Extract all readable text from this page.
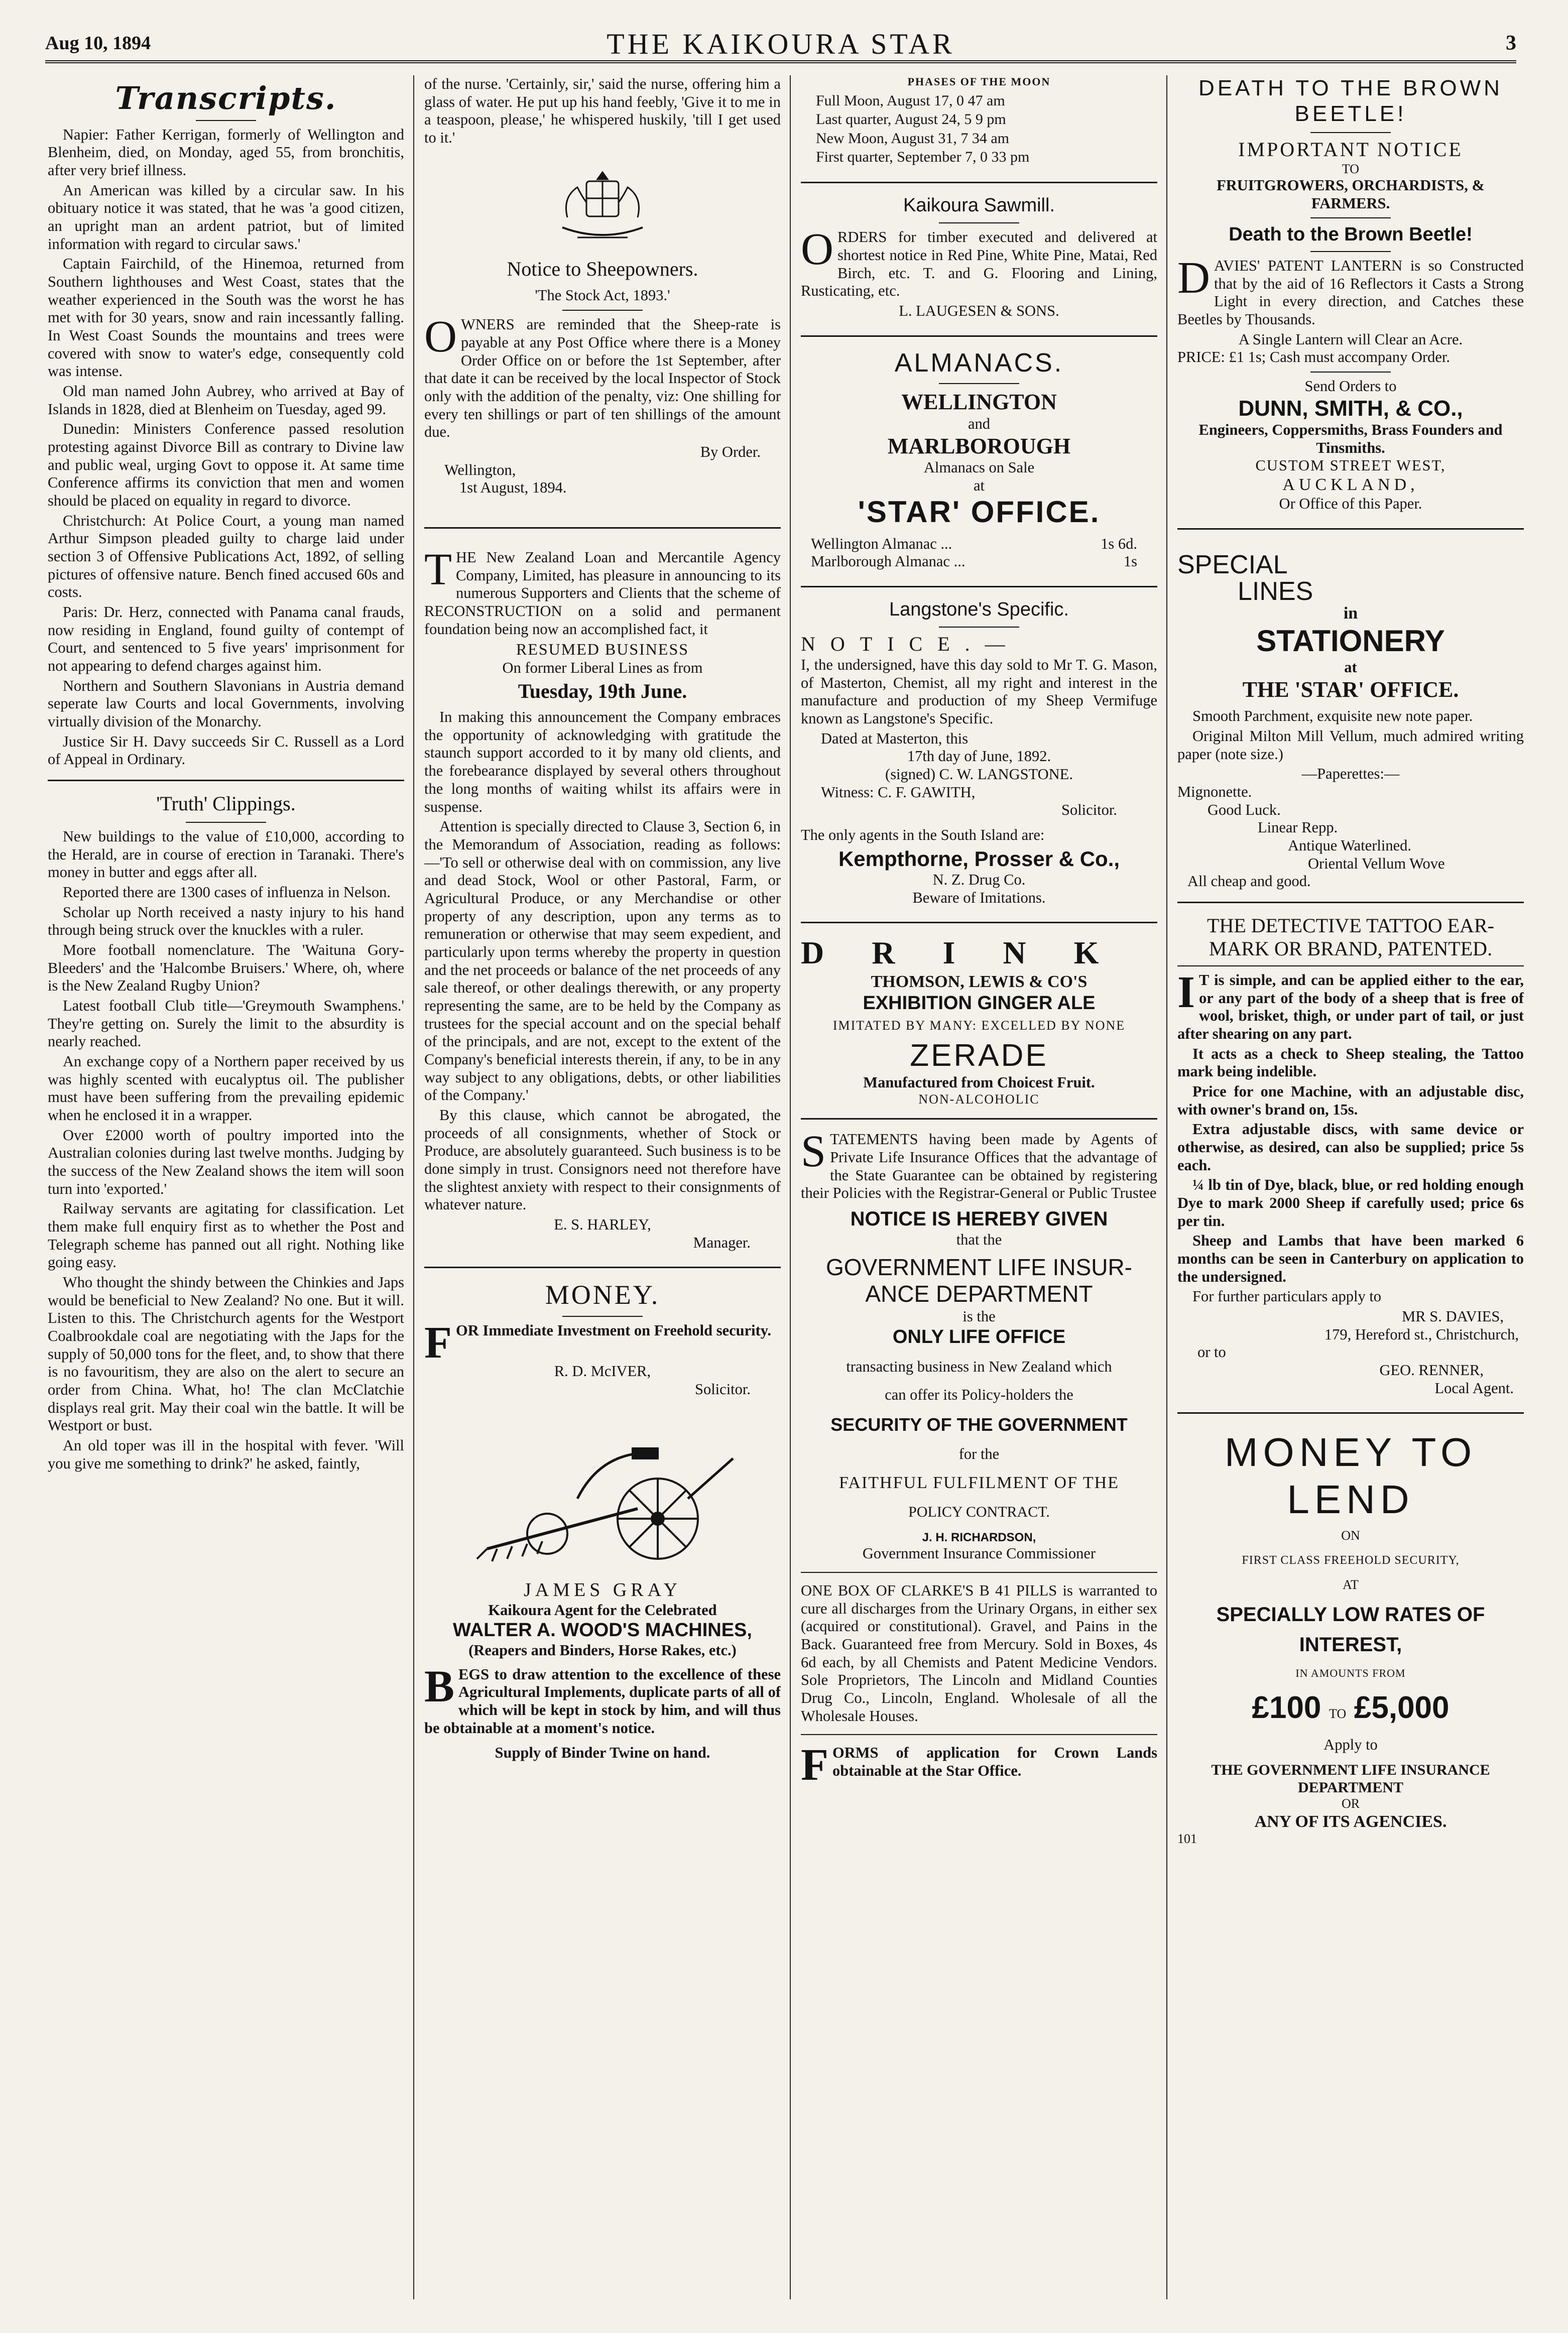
Aug 10, 1894	THE KAIKOURA STAR	3
Transcripts.

Napier: Father Kerrigan, formerly of Wellington and Blenheim, died, on Monday, aged 55, from bronchitis, after very brief illness.

An American was killed by a circular saw. In his obituary notice it was stated, that he was 'a good citizen, an upright man an ardent patriot, but of limited information with regard to circular saws.'

Captain Fairchild, of the Hinemoa, returned from Southern lighthouses and West Coast, states that the weather experienced in the South was the worst he has met with for 30 years, snow and rain incessantly falling. In West Coast Sounds the mountains and trees were covered with snow to water's edge, consequently cold was intense.

Old man named John Aubrey, who arrived at Bay of Islands in 1828, died at Blenheim on Tuesday, aged 99.

Dunedin: Ministers Conference passed resolution protesting against Divorce Bill as contrary to Divine law and public weal, urging Govt to oppose it. At same time Conference affirms its conviction that men and women should be placed on equality in regard to divorce.

Christchurch: At Police Court, a young man named Arthur Simpson pleaded guilty to charge laid under section 3 of Offensive Publications Act, 1892, of selling pictures of offensive nature. Bench fined accused 60s and costs.

Paris: Dr. Herz, connected with Panama canal frauds, now residing in England, found guilty of contempt of Court, and sentenced to 5 five years' imprisonment for not appearing to defend charges against him.

Northern and Southern Slavonians in Austria demand seperate law Courts and local Governments, involving virtually division of the Monarchy.

Justice Sir H. Davy succeeds Sir C. Russell as a Lord of Appeal in Ordinary.

'Truth' Clippings.

New buildings to the value of £10,000, according to the Herald, are in course of erection in Taranaki. There's money in butter and eggs after all.

Reported there are 1300 cases of influenza in Nelson.

Scholar up North received a nasty injury to his hand through being struck over the knuckles with a ruler.

More football nomenclature. The 'Waituna Gory-Bleeders' and the 'Halcombe Bruisers.' Where, oh, where is the New Zealand Rugby Union?

Latest football Club title—'Greymouth Swamphens.' They're getting on. Surely the limit to the absurdity is nearly reached.

An exchange copy of a Northern paper received by us was highly scented with eucalyptus oil. The publisher must have been suffering from the prevailing epidemic when he enclosed it in a wrapper.

Over £2000 worth of poultry imported into the Australian colonies during last twelve months. Judging by the success of the New Zealand shows the item will soon turn into 'exported.'

Railway servants are agitating for classification. Let them make full enquiry first as to whether the Post and Telegraph scheme has panned out all right. Nothing like going easy.

Who thought the shindy between the Chinkies and Japs would be beneficial to New Zealand? No one. But it will. Listen to this. The Christchurch agents for the Westport Coalbrookdale coal are negotiating with the Japs for the supply of 50,000 tons for the fleet, and, to show that there is no favouritism, they are also on the alert to secure an order from China. What, ho! The clan McClatchie displays real grit. May their coal win the battle. It will be Westport or bust.

An old toper was ill in the hospital with fever. 'Will you give me something to drink?' he asked, faintly,

of the nurse. 'Certainly, sir,' said the nurse, offering him a glass of water. He put up his hand feebly, 'Give it to me in a teaspoon, please,' he whispered huskily, 'till I get used to it.'

Notice to Sheepowners.
'The Stock Act, 1893.'

OWNERS are reminded that the Sheep-rate is payable at any Post Office where there is a Money Order Office on or before the 1st September, after that date it can be received by the local Inspector of Stock only with the addition of the penalty, viz: One shilling for every ten shillings or part of ten shillings of the amount due.

By Order.
Wellington,
1st August, 1894.

THE New Zealand Loan and Mercantile Agency Company, Limited, has pleasure in announcing to its numerous Supporters and Clients that the scheme of RECONSTRUCTION on a solid and permanent foundation being now an accomplished fact, it

RESUMED BUSINESS
On former Liberal Lines as from
Tuesday, 19th June.

In making this announcement the Company embraces the opportunity of acknowledging with gratitude the staunch support accorded to it by many old clients, and the forebearance displayed by several others throughout the long months of waiting whilst its affairs were in suspense.

Attention is specially directed to Clause 3, Section 6, in the Memorandum of Association, reading as follows:—'To sell or otherwise deal with on commission, any live and dead Stock, Wool or other Pastoral, Farm, or Agricultural Produce, or any Merchandise or other property of any description, upon any terms as to remuneration or otherwise that may seem expedient, and particularly upon terms whereby the property in question and the net proceeds or balance of the net proceeds of any sale thereof, or other dealings therewith, or any property representing the same, are to be held by the Company as trustees for the special account and on the special behalf of the principals, and are not, except to the extent of the Company's beneficial interests therein, if any, to be in any way subject to any obligations, debts, or other liabilities of the Company.'

By this clause, which cannot be abrogated, the proceeds of all consignments, whether of Stock or Produce, are absolutely guaranteed. Such business is to be done simply in trust. Consignors need not therefore have the slightest anxiety with respect to their consignments of whatever nature.

E. S. HARLEY,
Manager.
MONEY.

FOR Immediate Investment on Freehold security.

R. D. McIVER,
Solicitor.
JAMES GRAY
Kaikoura Agent for the Celebrated
WALTER A. WOOD'S MACHINES,
(Reapers and Binders, Horse Rakes, etc.)

BEGS to draw attention to the excellence of these Agricultural Implements, duplicate parts of all of which will be kept in stock by him, and will thus be obtainable at a moment's notice.

Supply of Binder Twine on hand.
PHASES OF THE MOON
Full Moon, August 17, 0 47 am
Last quarter, August 24, 5 9 pm
New Moon, August 31, 7 34 am
First quarter, September 7, 0 33 pm
Kaikoura Sawmill.

ORDERS for timber executed and delivered at shortest notice in Red Pine, White Pine, Matai, Red Birch, etc. T. and G. Flooring and Lining, Rusticating, etc.

L. LAUGESEN & SONS.
ALMANACS.
WELLINGTON
and
MARLBOROUGH
Almanacs on Sale
at
'STAR' OFFICE.
Wellington Almanac ...	1s 6d.
Marlborough Almanac ...	1s
Langstone's Specific.
NOTICE.—

I, the undersigned, have this day sold to Mr T. G. Mason, of Masterton, Chemist, all my right and interest in the manufacture and production of my Sheep Vermifuge known as Langstone's Specific.

Dated at Masterton, this
17th day of June, 1892.
(signed) C. W. LANGSTONE.
Witness: C. F. GAWITH,
Solicitor.

The only agents in the South Island are:

Kempthorne, Prosser & Co.,
N. Z. Drug Co.
Beware of Imitations.
DRINK
THOMSON, LEWIS & CO'S
EXHIBITION GINGER ALE
IMITATED BY MANY: EXCELLED BY NONE
ZERADE
Manufactured from Choicest Fruit.
NON-ALCOHOLIC

STATEMENTS having been made by Agents of Private Life Insurance Offices that the advantage of the State Guarantee can be obtained by registering their Policies with the Registrar-General or Public Trustee

NOTICE IS HEREBY GIVEN
that the
GOVERNMENT LIFE INSUR-
ANCE DEPARTMENT
is the
ONLY LIFE OFFICE
transacting business in New Zealand which
can offer its Policy-holders the
SECURITY OF THE GOVERNMENT
for the
FAITHFUL FULFILMENT OF THE
POLICY CONTRACT.
J. H. RICHARDSON,
Government Insurance Commissioner

ONE BOX OF CLARKE'S B 41 PILLS is warranted to cure all discharges from the Urinary Organs, in either sex (acquired or constitutional). Gravel, and Pains in the Back. Guaranteed free from Mercury. Sold in Boxes, 4s 6d each, by all Chemists and Patent Medicine Vendors. Sole Proprietors, The Lincoln and Midland Counties Drug Co., Lincoln, England. Wholesale of all the Wholesale Houses.

FORMS of application for Crown Lands obtainable at the Star Office.

DEATH TO THE BROWN BEETLE!
IMPORTANT NOTICE
TO
FRUITGROWERS, ORCHARDISTS, & FARMERS.
Death to the Brown Beetle!

DAVIES' PATENT LANTERN is so Constructed that by the aid of 16 Reflectors it Casts a Strong Light in every direction, and Catches these Beetles by Thousands.

A Single Lantern will Clear an Acre.

PRICE: £1 1s; Cash must accompany Order.

Send Orders to
DUNN, SMITH, & CO.,
Engineers, Coppersmiths, Brass Founders and Tinsmiths.
CUSTOM STREET WEST,
AUCKLAND,
Or Office of this Paper.
SPECIAL
LINES
in
STATIONERY
at
THE 'STAR' OFFICE.

Smooth Parchment, exquisite new note paper.

Original Milton Mill Vellum, much admired writing paper (note size.)

—Paperettes:—
Mignonette.
Good Luck.
Linear Repp.
Antique Waterlined.
Oriental Vellum Wove
All cheap and good.
THE DETECTIVE TATTOO EAR-MARK OR BRAND, PATENTED.

IT is simple, and can be applied either to the ear, or any part of the body of a sheep that is free of wool, brisket, thigh, or under part of tail, or just after shearing on any part.

It acts as a check to Sheep stealing, the Tattoo mark being indelible.

Price for one Machine, with an adjustable disc, with owner's brand on, 15s.

Extra adjustable discs, with same device or otherwise, as desired, can also be supplied; price 5s each.

¼ lb tin of Dye, black, blue, or red holding enough Dye to mark 2000 Sheep if carefully used; price 6s per tin.

Sheep and Lambs that have been marked 6 months can be seen in Canterbury on application to the undersigned.

For further particulars apply to

MR S. DAVIES,
179, Hereford st., Christchurch,
or to
GEO. RENNER,
Local Agent.
MONEY TO
LEND
ON
FIRST CLASS FREEHOLD SECURITY,
AT
SPECIALLY LOW RATES OF
INTEREST,
IN AMOUNTS FROM
£100 TO £5,000
Apply to
THE GOVERNMENT LIFE INSURANCE
DEPARTMENT
OR
ANY OF ITS AGENCIES.
101
